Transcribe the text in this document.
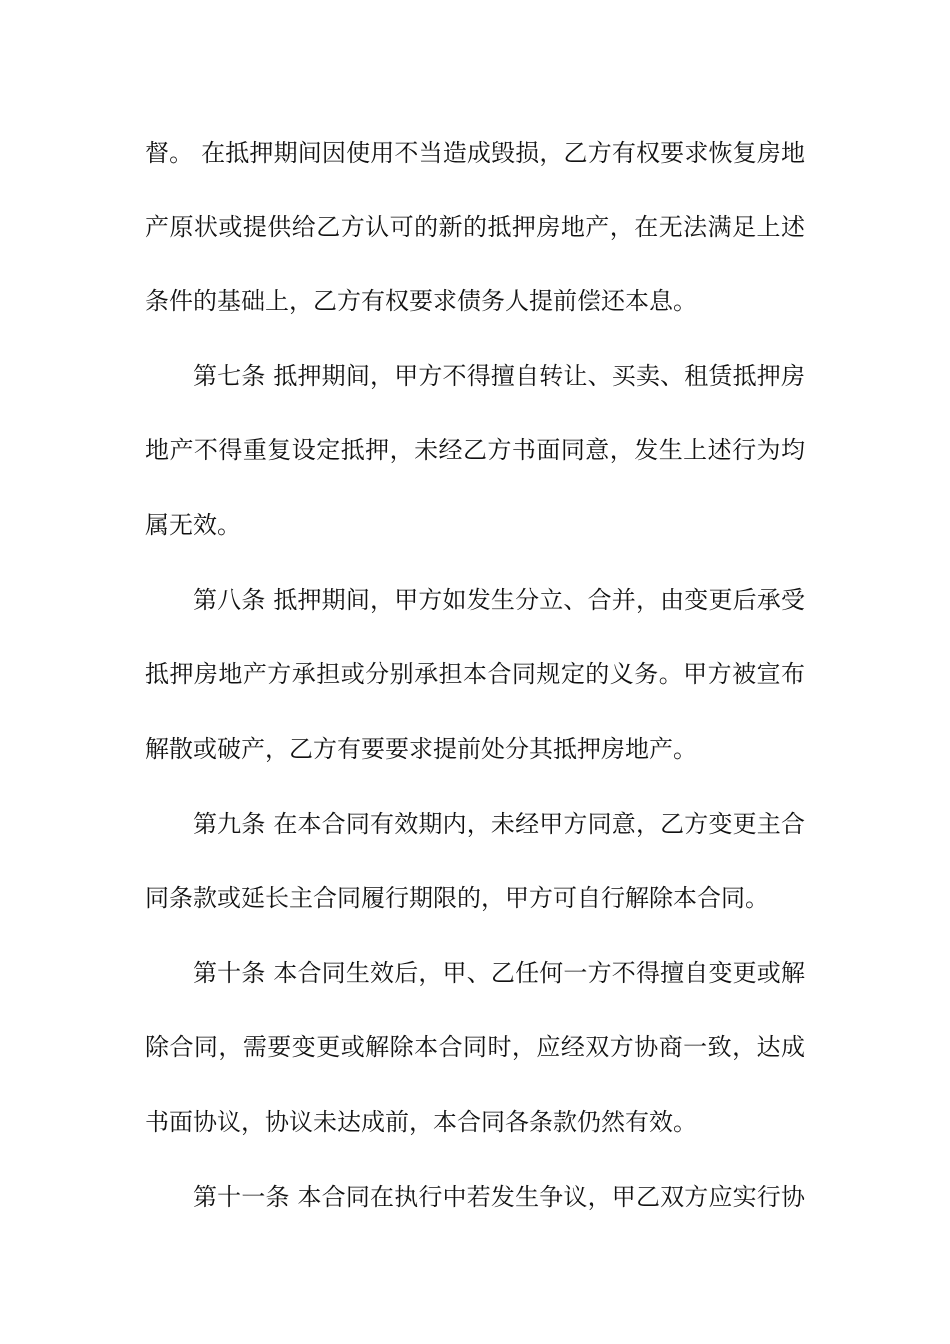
督。 在抵押期间因使用不当造成毁损，乙方有权要求恢复房地
产原状或提供给乙方认可的新的抵押房地产，在无法满足上述
条件的基础上，乙方有权要求债务人提前偿还本息。
第七条 抵押期间，甲方不得擅自转让、买卖、租赁抵押房
地产不得重复设定抵押，未经乙方书面同意，发生上述行为均
属无效。
第八条 抵押期间，甲方如发生分立、合并，由变更后承受
抵押房地产方承担或分别承担本合同规定的义务。甲方被宣布
解散或破产，乙方有要要求提前处分其抵押房地产。
第九条 在本合同有效期内，未经甲方同意，乙方变更主合
同条款或延长主合同履行期限的，甲方可自行解除本合同。
第十条 本合同生效后，甲、乙任何一方不得擅自变更或解
除合同，需要变更或解除本合同时，应经双方协商一致，达成
书面协议，协议未达成前，本合同各条款仍然有效。
第十一条 本合同在执行中若发生争议，甲乙双方应实行协
